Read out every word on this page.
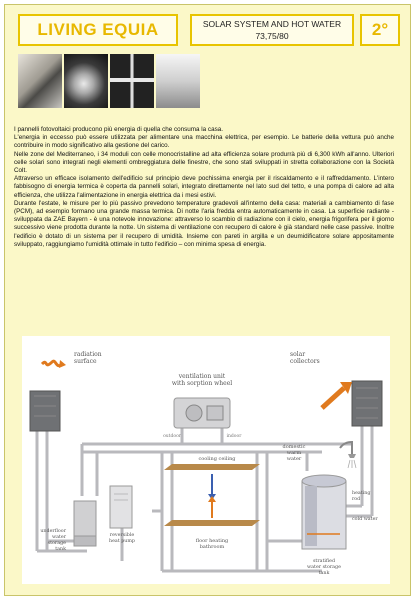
LIVING EQUIA	SOLAR SYSTEM AND HOT WATER
73,75/80	2°

I pannelli fotovoltaici producono più energia di quella che consuma la casa.

L'energia in eccesso può essere utilizzata per alimentare una macchina elettrica, per esempio. Le batterie della vettura può anche contribuire in modo significativo alla gestione del carico.

Nelle zone del Mediterraneo, i 34 moduli con celle monocristalline ad alta efficienza solare produrrà più di 6,300 kWh all'anno. Ulteriori celle solari sono integrati negli elementi ombreggiatura delle finestre, che sono stati sviluppati in stretta collaborazione con la Società Colt.

Attraverso un efficace isolamento dell'edificio sul principio deve pochissima energia per il riscaldamento e il raffreddamento. L'intero fabbisogno di energia termica è coperta da pannelli solari, integrato direttamente nel lato sud del tetto, e una pompa di calore ad alta efficienza, che utilizza l'alimentazione in energia elettrica da i mesi estivi.

Durante l'estate, le misure per lo più passivo prevedono temperature gradevoli all'interno della casa: materiali a cambiamento di fase (PCM), ad esempio formano una grande massa termica. Di notte l'aria fredda entra automaticamente in casa. La superficie radiante - sviluppata da ZAE Bayern - è una notevole innovazione: attraverso lo scambio di radiazione con il cielo, energia frigorifera per il giorno successivo viene prodotta durante la notte. Un sistema di ventilazione con recupero di calore è già standard nelle case passive. Inoltre l'edificio è dotato di un sistema per il recupero di umidità. Insieme con pareti in argilla e un deumidificatore solare appositamente sviluppato, raggiungiamo l'umidità ottimale in tutto l'edificio – con minima spesa di energia.

radiation
surface
solar
collectors
ventilation unit
with sorption wheel
outdoor	indoor
domestic
warm
water
cooling ceiling
floor heating
bathroom
underfloor
water
storage
tank
reversible
heat pump
heating
rod
cold water
stratified
water storage
tank
